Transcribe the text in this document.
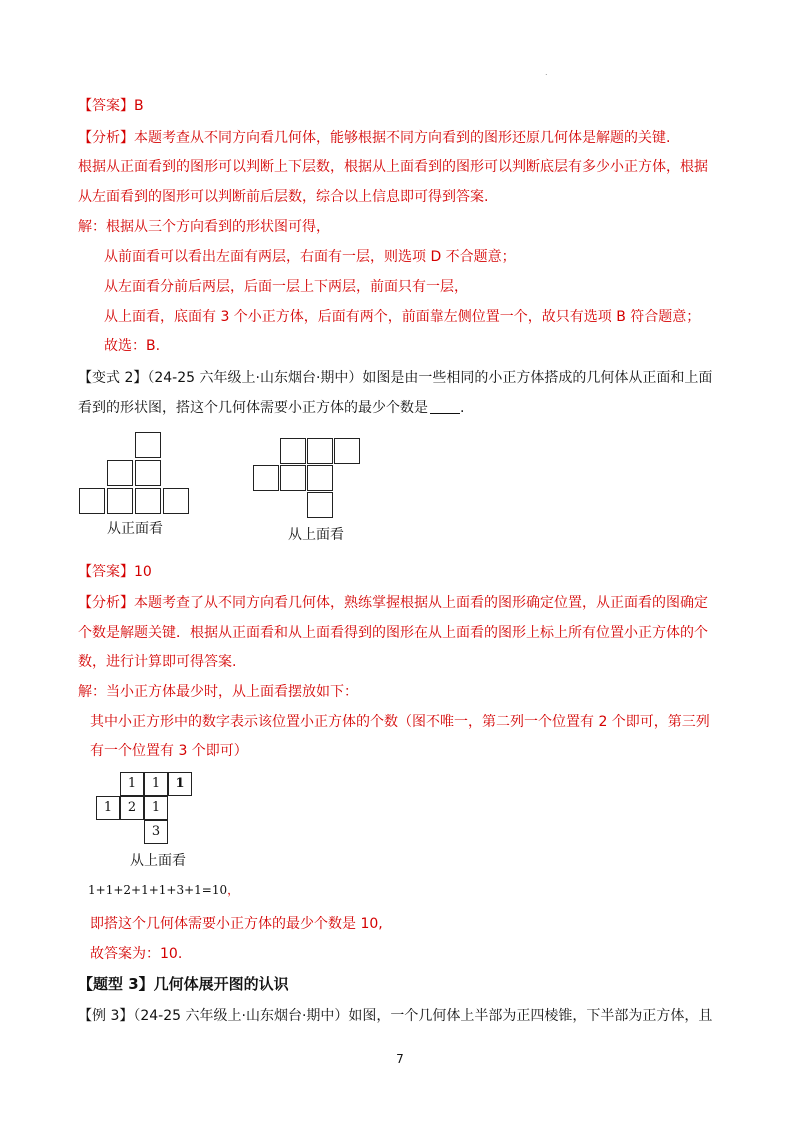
.
【答案】B
【分析】本题考查从不同方向看几何体，能够根据不同方向看到的图形还原几何体是解题的关键.
根据从正面看到的图形可以判断上下层数，根据从上面看到的图形可以判断底层有多少小正方体，根据
从左面看到的图形可以判断前后层数，综合以上信息即可得到答案.
解：根据从三个方向看到的形状图可得，
从前面看可以看出左面有两层，右面有一层，则选项 D 不合题意；
从左面看分前后两层，后面一层上下两层，前面只有一层，
从上面看，底面有 3 个小正方体，后面有两个，前面靠左侧位置一个，故只有选项 B 符合题意；
故选：B.
【变式 2】（24-25 六年级上·山东烟台·期中）如图是由一些相同的小正方体搭成的几何体从正面和上面
看到的形状图，搭这个几何体需要小正方体的最少个数是 .
从正面看	从上面看
【答案】10
【分析】本题考查了从不同方向看几何体，熟练掌握根据从上面看的图形确定位置，从正面看的图确定
个数是解题关键．根据从正面看和从上面看得到的图形在从上面看的图形上标上所有位置小正方体的个
数，进行计算即可得答案.
解：当小正方体最少时，从上面看摆放如下：
其中小正方形中的数字表示该位置小正方体的个数（图不唯一，第二列一个位置有 2 个即可，第三列
有一个位置有 3 个即可）
1	1	1
1	2	1
3
从上面看
1+1+2+1+1+3+1=10，
即搭这个几何体需要小正方体的最少个数是 10,
故答案为：10.
【题型 3】几何体展开图的认识
【例 3】（24-25 六年级上·山东烟台·期中）如图，一个几何体上半部为正四棱锥，下半部为正方体，且
7
